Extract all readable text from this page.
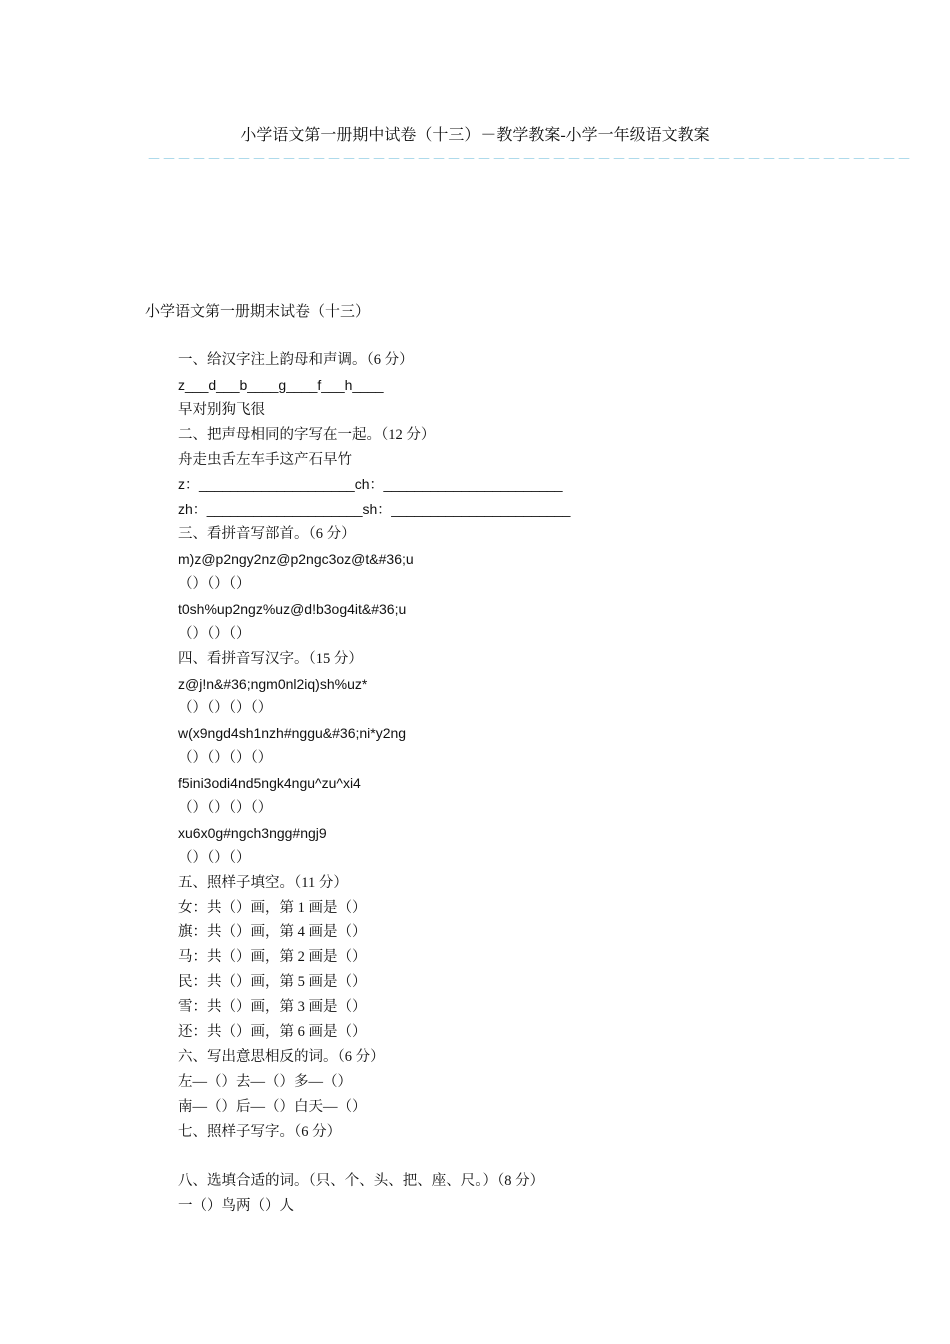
小学语文第一册期中试卷（十三）－教学教案-小学一年级语文教案
－－－－－－－－－－－－－－－－－－－－－－－－－－－－－－－－－－－－－－－－－－－－－－－－－－－
小学语文第一册期末试卷（十三）
一、给汉字注上韵母和声调。（6 分）
z___d___b____g____f___h____
早对别狗飞很
二、把声母相同的字写在一起。（12 分）
舟走虫舌左车手这产石早竹
z：____________________ch：_______________________
zh：____________________sh：_______________________
三、看拼音写部首。（6 分）
m)z@p2ngy2nz@p2ngc3oz@t&#36;u
（）（）（）
t0sh%up2ngz%uz@d!b3og4it&#36;u
（）（）（）
四、看拼音写汉字。（15 分）
z@j!n&#36;ngm0nl2iq)sh%uz*
（）（）（）（）
w(x9ngd4sh1nzh#nggu&#36;ni*y2ng
（）（）（）（）
f5ini3odi4nd5ngk4ngu^zu^xi4
（）（）（）（）
xu6x0g#ngch3ngg#ngj9
（）（）（）
五、照样子填空。（11 分）
女：共（）画，第 1 画是（）
旗：共（）画，第 4 画是（）
马：共（）画，第 2 画是（）
民：共（）画，第 5 画是（）
雪：共（）画，第 3 画是（）
还：共（）画，第 6 画是（）
六、写出意思相反的词。（6 分）
左—（）去—（）多—（）
南—（）后—（）白天—（）
七、照样子写字。（6 分）
八、选填合适的词。（只、个、头、把、座、尺。）（8 分）
一（）鸟两（）人
